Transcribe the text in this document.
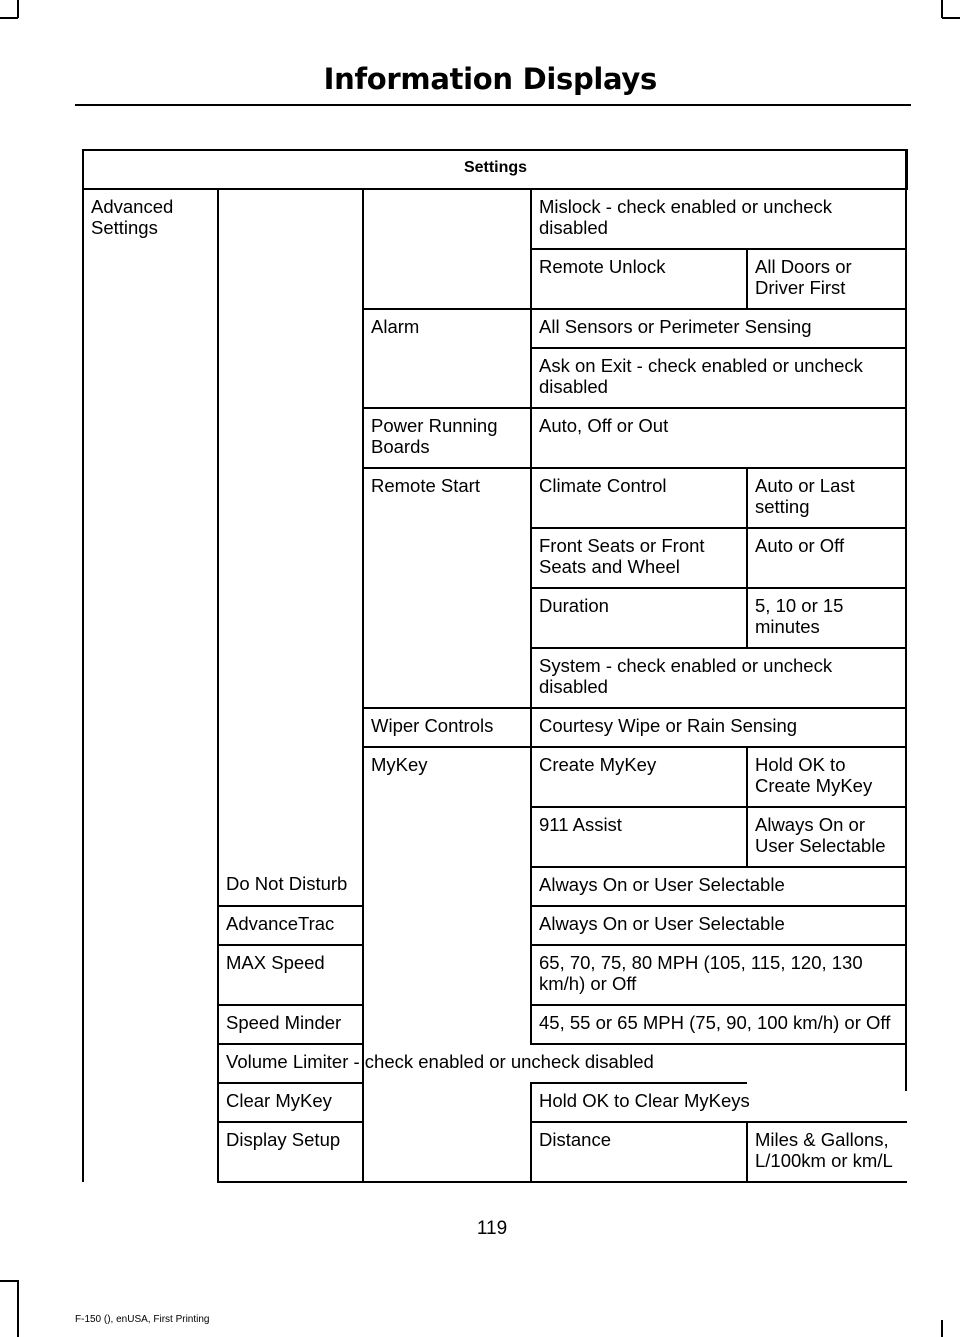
Information Displays
Settings				
Advanced Settings			Mislock - check enabled or uncheck disabled	
			Remote Unlock	All Doors or Driver First
		Alarm	All Sensors or Perimeter Sensing	
			Ask on Exit - check enabled or uncheck disabled	
		Power Running Boards	Auto, Off or Out	
		Remote Start	Climate Control	Auto or Last setting
			Front Seats or Front Seats and Wheel	Auto or Off
			Duration	5, 10 or 15 minutes
			System - check enabled or uncheck disabled	
		Wiper Controls	Courtesy Wipe or Rain Sensing	
		MyKey	Create MyKey	Hold OK to Create MyKey
			911 Assist	Always On or User Selectable
	Do Not Disturb		Always On or User Selectable	
	AdvanceTrac		Always On or User Selectable	
	MAX Speed		65, 70, 75, 80 MPH (105, 115, 120, 130 km/h) or Off	
	Speed Minder		45, 55 or 65 MPH (75, 90, 100 km/h) or Off	
	Volume Limiter - check enabled or uncheck disabled			
	Clear MyKey		Hold OK to Clear MyKeys	
	Display Setup		Distance	Miles & Gallons, L/100km or km/L
119
F-150 (), enUSA, First Printing
